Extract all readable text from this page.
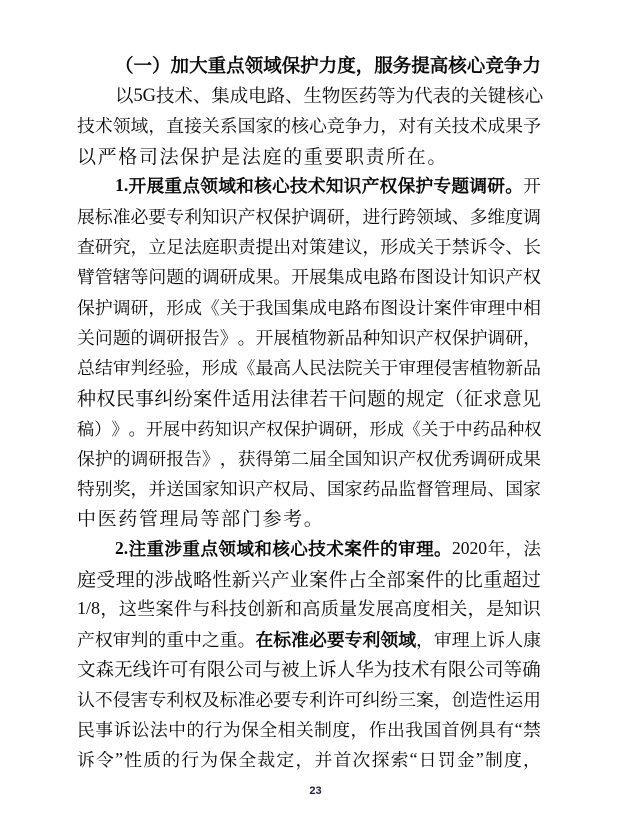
（ 一 ） 加 大 重 点 领 域 保 护 力 度 ， 服 务 提 高 核 心 竞 争 力
以 5G 技 术 、 集 成 电 路 、 生 物 医 药 等 为 代 表 的 关 键 核 心
技 术 领 域 ， 直 接 关 系 国 家 的 核 心 竞 争 力 ， 对 有 关 技 术 成 果 予
以 严 格 司 法 保 护 是 法 庭 的 重 要 职 责 所 在 。
1. 开 展 重 点 领 域 和 核 心 技 术 知 识 产 权 保 护 专 题 调 研 。 开
展 标 准 必 要 专 利 知 识 产 权 保 护 调 研 ， 进 行 跨 领 域 、 多 维 度 调
查 研 究 ， 立 足 法 庭 职 责 提 出 对 策 建 议 ， 形 成 关 于 禁 诉 令 、 长
臂 管 辖 等 问 题 的 调 研 成 果 。 开 展 集 成 电 路 布 图 设 计 知 识 产 权
保 护 调 研 ， 形 成 《 关 于 我 国 集 成 电 路 布 图 设 计 案 件 审 理 中 相
关 问 题 的 调 研 报 告 》 。 开 展 植 物 新 品 种 知 识 产 权 保 护 调 研 ，
总 结 审 判 经 验 ， 形 成 《 最 高 人 民 法 院 关 于 审 理 侵 害 植 物 新 品
种 权 民 事 纠 纷 案 件 适 用 法 律 若 干 问 题 的 规 定 （ 征 求 意 见
稿 ） 》 。 开 展 中 药 知 识 产 权 保 护 调 研 ， 形 成 《 关 于 中 药 品 种 权
保 护 的 调 研 报 告 》 ， 获 得 第 二 届 全 国 知 识 产 权 优 秀 调 研 成 果
特 别 奖 ， 并 送 国 家 知 识 产 权 局 、 国 家 药 品 监 督 管 理 局 、 国 家
中 医 药 管 理 局 等 部 门 参 考 。
2. 注 重 涉 重 点 领 域 和 核 心 技 术 案 件 的 审 理 。 2020 年 ， 法
庭 受 理 的 涉 战 略 性 新 兴 产 业 案 件 占 全 部 案 件 的 比 重 超 过
1/8 ， 这 些 案 件 与 科 技 创 新 和 高 质 量 发 展 高 度 相 关 ， 是 知 识
产 权 审 判 的 重 中 之 重 。 在 标 准 必 要 专 利 领 域 ， 审 理 上 诉 人 康
文 森 无 线 许 可 有 限 公 司 与 被 上 诉 人 华 为 技 术 有 限 公 司 等 确
认 不 侵 害 专 利 权 及 标 准 必 要 专 利 许 可 纠 纷 三 案 ， 创 造 性 运 用
民 事 诉 讼 法 中 的 行 为 保 全 相 关 制 度 ， 作 出 我 国 首 例 具 有 “ 禁
诉 令 ” 性 质 的 行 为 保 全 裁 定 ， 并 首 次 探 索 “ 日 罚 金 ” 制 度 ，
23
